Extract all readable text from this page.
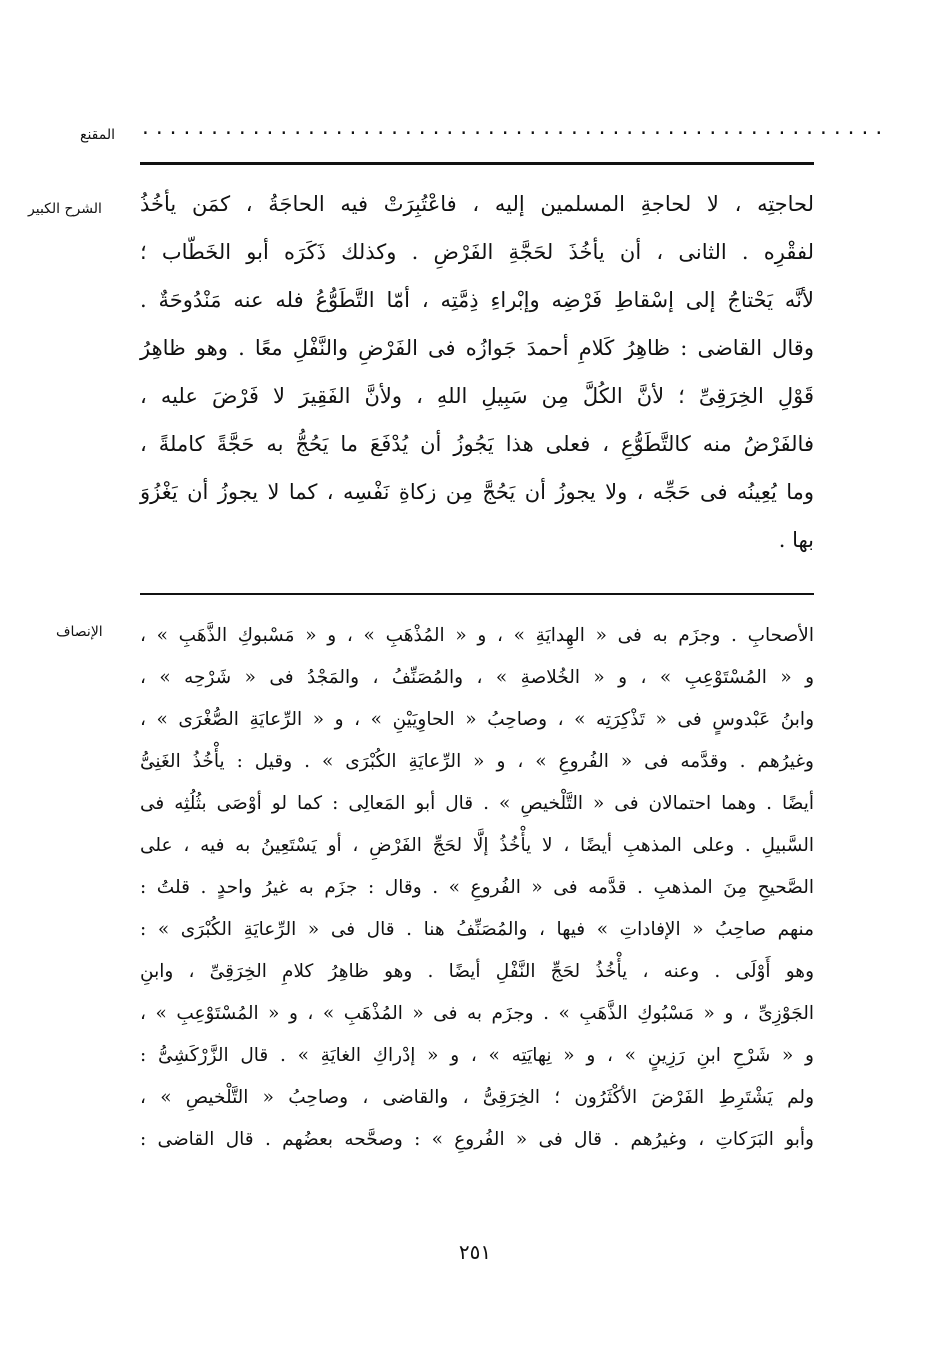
المقنع ......................................................
الشرح الكبير لحاجتِه ، لا لحاجةِ المسلمين إليه ، فاعْتُبِرَتْ فيه الحاجَةُ ، كمَن يأخُذُ
لفقْرِه . الثانى ، أن يأخُذَ لحَجَّةِ الفَرْضِ . وكذلك ذَكَرَه أبو الخَطّاب ؛
لأنَّه يَحْتاجُ إلى إسْقاطِ فَرْضِه وإبْراءِ ذِمَّتِه ، أمّا التَّطَوُّعُ فله عنه مَنْدُوحَةٌ .
وقال القاضى : ظاهِرُ كَلامِ أحمدَ جَوازُه فى الفَرْضِ والنَّفْلِ معًا . وهو ظاهِرُ
قَوْلِ الخِرَقِىِّ ؛ لأنَّ الكُلَّ مِن سَبِيلِ اللهِ ، ولأنَّ الفَقِيرَ لا فَرْضَ عليه ،
فالفَرْضُ منه كالتَّطَوُّعِ ، فعلى هذا يَجُوزُ أن يُدْفَعَ ما يَحُجُّ به حَجَّةً كاملةً ،
وما يُعِينُه فى حَجِّه ، ولا يجوزُ أن يَحُجَّ مِن زكاةِ نَفْسِه ، كما لا يجوزُ أن يَغْزُوَ
بها .
الإنصاف الأصحابِ . وجزَم به فى « الهِدايَةِ » ، و « المُذْهَبِ » ، و « مَسْبوكِ الذَّهَبِ » ،
و « المُسْتَوْعِبِ » ، و « الخُلاصةِ » ، والمُصَنِّفُ ، والمَجْدُ فى « شَرْحِه » ،
وابنُ عَبْدوسٍ فى « تَذْكِرَتِه » ، وصاحِبُ « الحاوِيَيْنِ » ، و « الرِّعايَةِ الصُّغْرَى » ،
وغيرُهم . وقدَّمه فى « الفُروعِ » ، و « الرِّعايَةِ الكُبْرَى » . وقيل : يأْخُذُ الغَنِىُّ
أيضًا . وهما احتمالان فى « التَّلْخيصِ » . قال أبو المَعالِى : كما لو أوْصَى بثُلُثِه فى
السَّبيلِ . وعلى المذهبِ أيضًا ، لا يأْخُذُ إلَّا لحَجِّ الفَرْضِ ، أو يَسْتَعِينُ به فيه ، على
الصَّحيحِ مِنَ المذهبِ . قدَّمه فى « الفُروعِ » . وقال : جزَم به غيرُ واحدٍ . قلتُ :
منهم صاحِبُ « الإفاداتِ » فيها ، والمُصَنِّفُ هنا . قال فى « الرِّعايَةِ الكُبْرَى » :
وهو أَوْلَى . وعنه ، يأْخُذُ لحَجِّ النَّفْلِ أيضًا . وهو ظاهِرُ كلامِ الخِرَقِىِّ ، وابنِ
الجَوْزِىِّ ، و « مَسْبُوكِ الذَّهَبِ » . وجزَم به فى « المُذْهَبِ » ، و « المُسْتَوْعِبِ » ،
و « شَرْحِ ابنِ رَزِينٍ » ، و « نِهايَتِه » ، و « إدْراكِ الغايَةِ » . قال الزَّرْكَشِىُّ :
ولم يَشْتَرِطِ الفَرْضَ الأكْثَرُون ؛ الخِرَقِىُّ ، والقاضى ، وصاحِبُ « التَّلْخيصِ » ،
وأبو البَرَكاتِ ، وغيرُهم . قال فى « الفُروعِ » : وصحَّحه بعضُهم . قال القاضى :
٢٥١
